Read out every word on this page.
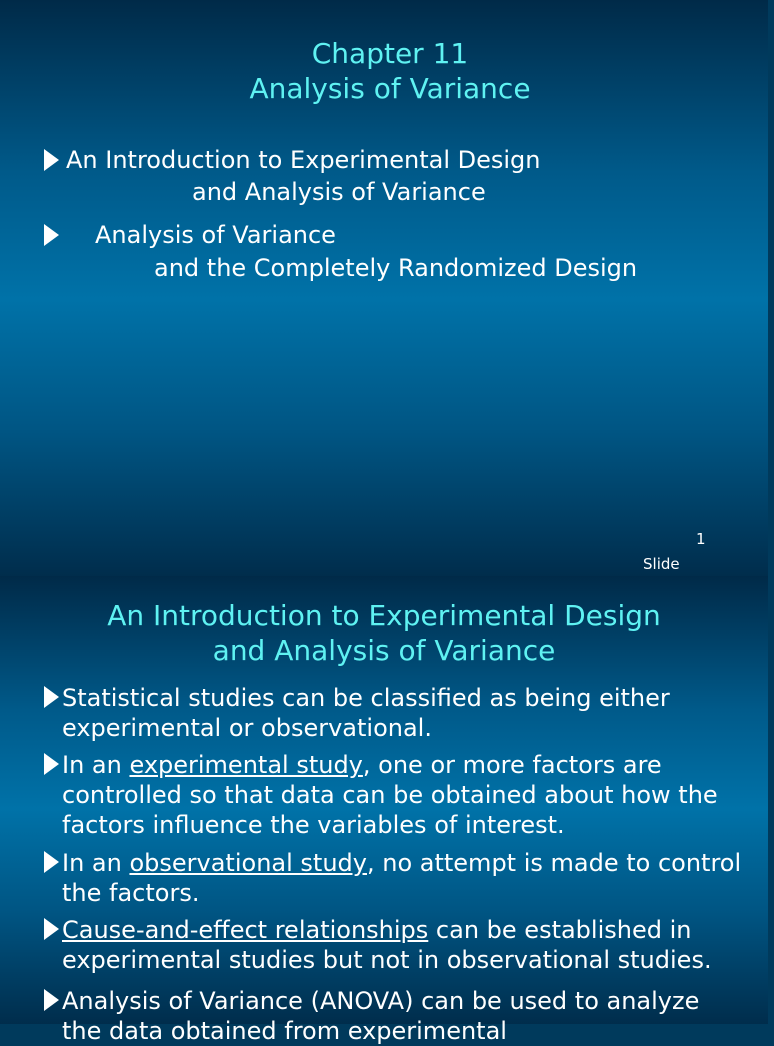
Chapter 11
Analysis of Variance
An Introduction to Experimental Design
and Analysis of Variance
Analysis of Variance
and the Completely Randomized Design
1
Slide
An Introduction to Experimental Design
and Analysis of Variance
Statistical studies can be classified as being either experimental or observational.
In an experimental study, one or more factors are controlled so that data can be obtained about how the factors influence the variables of interest.
In an observational study, no attempt is made to control the factors.
Cause-and-effect relationships can be established in experimental studies but not in observational studies.
Analysis of Variance (ANOVA) can be used to analyze the data obtained from experimental
